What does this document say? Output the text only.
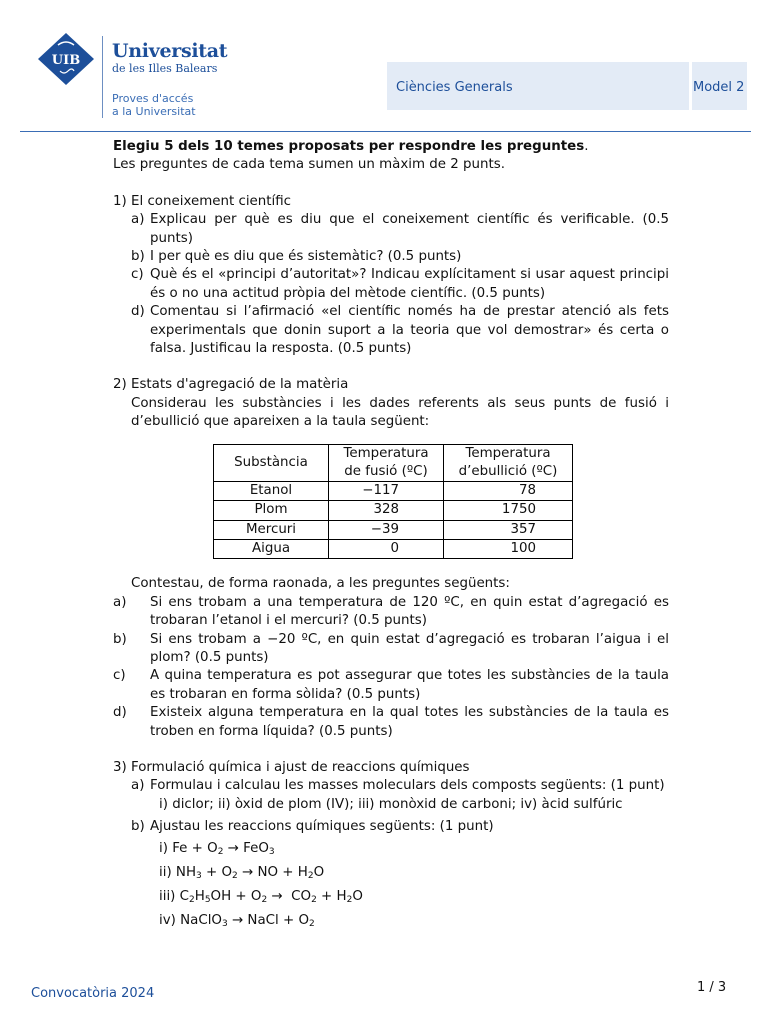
UIB Universitat
de les Illes Balears
Proves d'accés
a la Universitat
Ciències Generals	Model 2

Elegiu 5 dels 10 temes proposats per respondre les preguntes.

Les preguntes de cada tema sumen un màxim de 2 punts.

1) El coneixement científic
a) Explicau per què es diu que el coneixement científic és verificable. (0.5 punts)
b) I per què es diu que és sistemàtic? (0.5 punts)
c) Què és el «principi d’autoritat»? Indicau explícitament si usar aquest principi és o no una actitud pròpia del mètode científic. (0.5 punts)
d) Comentau si l’afirmació «el científic només ha de prestar atenció als fets experimentals que donin suport a la teoria que vol demostrar» és certa o falsa. Justificau la resposta. (0.5 punts)
2) Estats d'agregació de la matèria
Considerau les substàncies i les dades referents als seus punts de fusió i d’ebullició que apareixen a la taula següent:
Substància	Temperatura de fusió (ºC)	Temperatura d’ebullició (ºC)
Etanol	−117	78
Plom	328	1750
Mercuri	−39	357
Aigua	0	100
Contestau, de forma raonada, a les preguntes següents:
a) Si ens trobam a una temperatura de 120 ºC, en quin estat d’agregació es trobaran l’etanol i el mercuri? (0.5 punts)
b) Si ens trobam a −20 ºC, en quin estat d’agregació es trobaran l’aigua i el plom? (0.5 punts)
c) A quina temperatura es pot assegurar que totes les substàncies de la taula es trobaran en forma sòlida? (0.5 punts)
d) Existeix alguna temperatura en la qual totes les substàncies de la taula es troben en forma líquida? (0.5 punts)
3) Formulació química i ajust de reaccions químiques
a) Formulau i calculau les masses moleculars dels composts següents: (1 punt)
i) diclor; ii) òxid de plom (IV); iii) monòxid de carboni; iv) àcid sulfúric
b) Ajustau les reaccions químiques següents: (1 punt)
i) $Fe + O_2 \to FeO_3$
ii) $NH_3 + O_2$ → NO + $H_2O$
iii) $C_2H_5OH + O_2 \to CO_2 + H_2O$
iv) NaClO$_3$ → NaCl + $O_2$
Convocatòria 2024	1 / 3
